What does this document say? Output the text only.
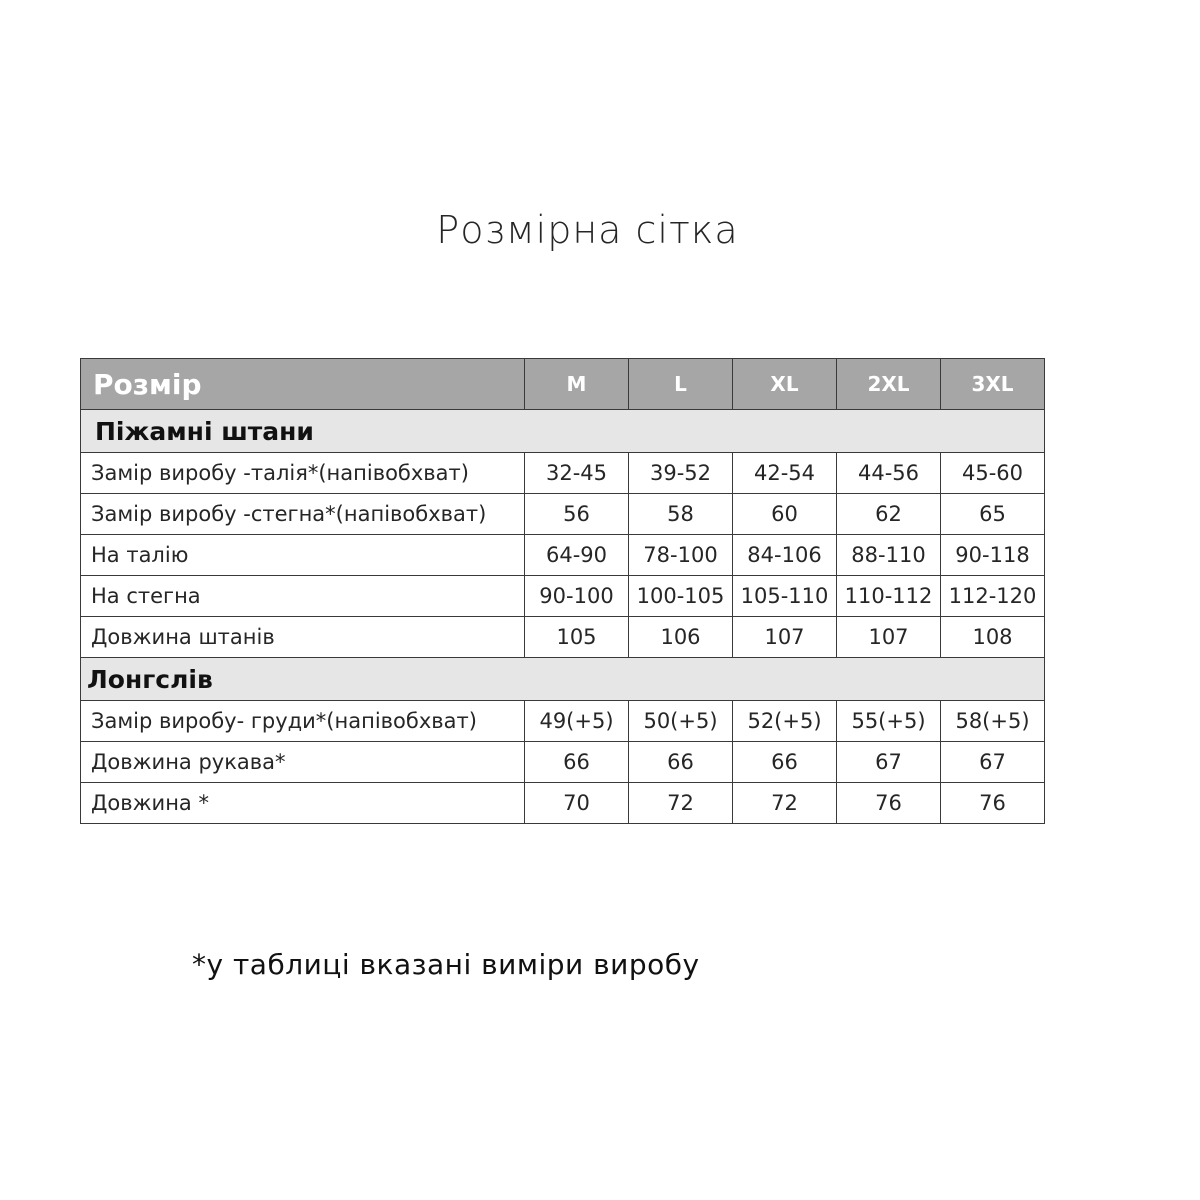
Розмірна сітка
Розмір	M	L	XL	2XL	3XL
Піжамні штани					
Замір виробу -талія*(напівобхват)	32-45	39-52	42-54	44-56	45-60
Замір виробу -стегна*(напівобхват)	56	58	60	62	65
На талію	64-90	78-100	84-106	88-110	90-118
На стегна	90-100	100-105	105-110	110-112	112-120
Довжина штанів	105	106	107	107	108
Лонгслів					
Замір виробу- груди*(напівобхват)	49(+5)	50(+5)	52(+5)	55(+5)	58(+5)
Довжина рукава*	66	66	66	67	67
Довжина *	70	72	72	76	76
*у таблиці вказані виміри виробу
